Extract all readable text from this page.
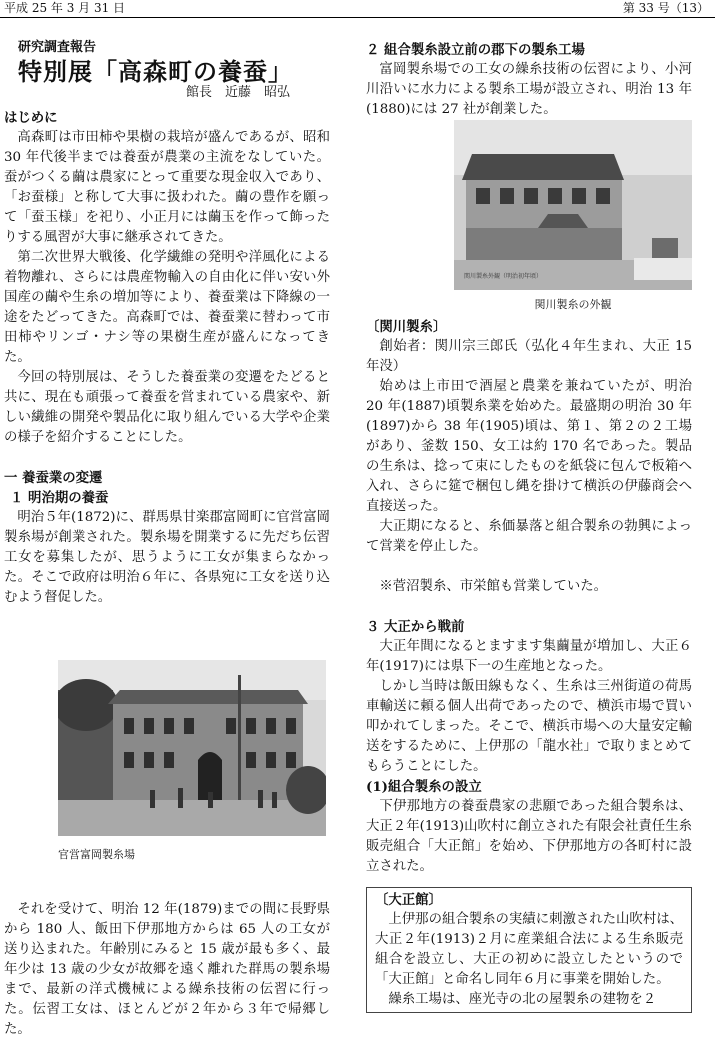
平成 25 年 3 月 31 日	第 33 号（13）
研究調査報告
特別展「高森町の養蚕」
館長　近藤　昭弘
はじめに

高森町は市田柿や果樹の栽培が盛んであるが、昭和 30 年代後半までは養蚕が農業の主流をなしていた。蚕がつくる繭は農家にとって重要な現金収入であり、「お蚕様」と称して大事に扱われた。繭の豊作を願って「蚕玉様」を祀り、小正月には繭玉を作って飾ったりする風習が大事に継承されてきた。

第二次世界大戦後、化学繊維の発明や洋風化による着物離れ、さらには農産物輸入の自由化に伴い安い外国産の繭や生糸の増加等により、養蚕業は下降線の一途をたどってきた。高森町では、養蚕業に替わって市田柿やリンゴ・ナシ等の果樹生産が盛んになってきた。

今回の特別展は、そうした養蚕業の変遷をたどると共に、現在も頑張って養蚕を営まれている農家や、新しい繊維の開発や製品化に取り組んでいる大学や企業の様子を紹介することにした。

一 養蚕業の変遷
１ 明治期の養蚕

明治５年(1872)に、群馬県甘楽郡富岡町に官営富岡製糸場が創業された。製糸場を開業するに先だち伝習工女を募集したが、思うように工女が集まらなかった。そこで政府は明治６年に、各県宛に工女を送り込むよう督促した。

官営富岡製糸場

それを受けて、明治 12 年(1879)までの間に長野県から 180 人、飯田下伊那地方からは 65 人の工女が送り込まれた。年齢別にみると 15 歳が最も多く、最年少は 13 歳の少女が故郷を遠く離れた群馬の製糸場まで、最新の洋式機械による繰糸技術の伝習に行った。伝習工女は、ほとんどが２年から３年で帰郷した。

２ 組合製糸設立前の郡下の製糸工場

富岡製糸場での工女の繰糸技術の伝習により、小河川沿いに水力による製糸工場が設立され、明治 13 年(1880)には 27 社が創業した。

関川製糸外観（明治初年頃）
関川製糸の外観
〔関川製糸〕

創始者：関川宗三郎氏（弘化４年生まれ、大正 15 年没）

始めは上市田で酒屋と農業を兼ねていたが、明治 20 年(1887)頃製糸業を始めた。最盛期の明治 30 年(1897)から 38 年(1905)頃は、第１、第２の２工場があり、釜数 150、女工は約 170 名であった。製品の生糸は、捻って束にしたものを紙袋に包んで板箱へ入れ、さらに筵で梱包し縄を掛けて横浜の伊藤商会へ直接送った。

大正期になると、糸価暴落と組合製糸の勃興によって営業を停止した。

※菅沼製糸、市栄館も営業していた。

３ 大正から戦前

大正年間になるとますます集繭量が増加し、大正６年(1917)には県下一の生産地となった。

しかし当時は飯田線もなく、生糸は三州街道の荷馬車輸送に頼る個人出荷であったので、横浜市場で買い叩かれてしまった。そこで、横浜市場への大量安定輸送をするために、上伊那の「龍水社」で取りまとめてもらうことにした。

(1)組合製糸の設立

下伊那地方の養蚕農家の悲願であった組合製糸は、大正２年(1913)山吹村に創立された有限会社責任生糸販売組合「大正館」を始め、下伊那地方の各町村に設立された。

〔大正館〕

上伊那の組合製糸の実績に刺激された山吹村は、大正２年(1913)２月に産業組合法による生糸販売組合を設立し、大正の初めに設立したというので「大正館」と命名し同年６月に事業を開始した。

繰糸工場は、座光寺の北の屋製糸の建物を２
